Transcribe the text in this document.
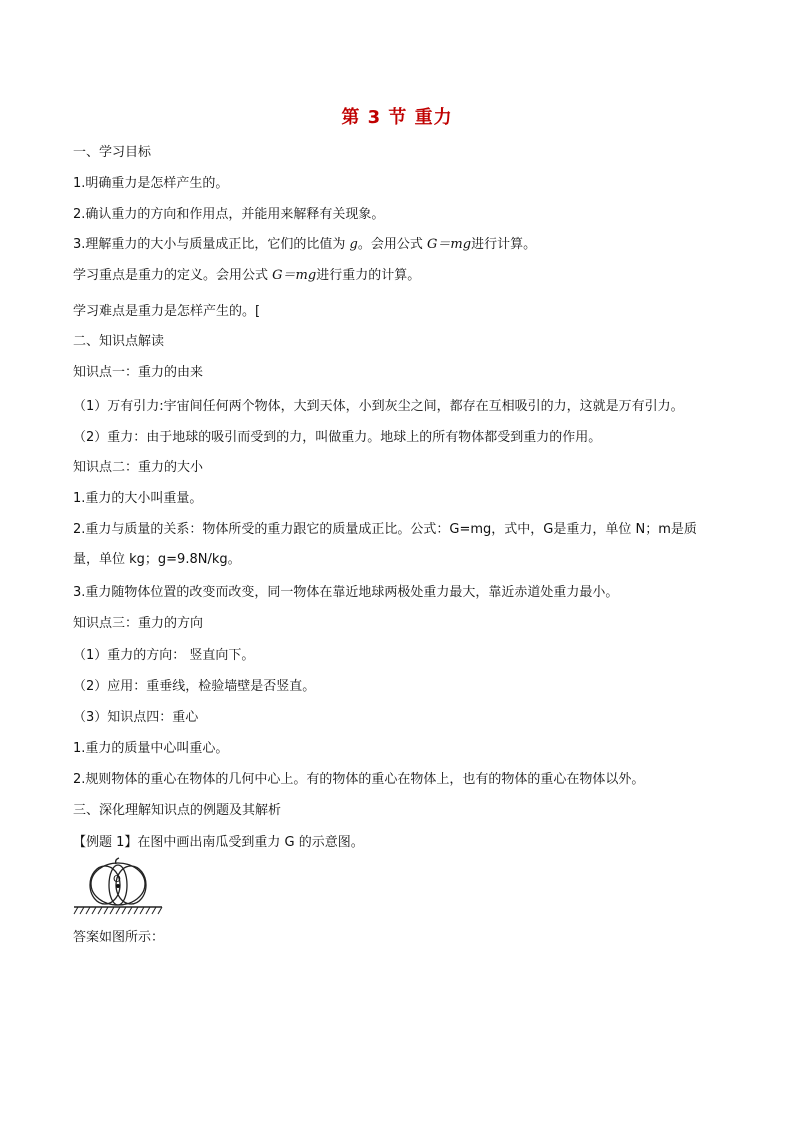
第 3 节 重力
一、学习目标
1.明确重力是怎样产生的。
2.确认重力的方向和作用点，并能用来解释有关现象。
3.理解重力的大小与质量成正比，它们的比值为 g。会用公式 G＝mg进行计算。
学习重点是重力的定义。会用公式 G＝mg进行重力的计算。
学习难点是重力是怎样产生的。[
二、知识点解读
知识点一：重力的由来
（1）万有引力:宇宙间任何两个物体，大到天体，小到灰尘之间，都存在互相吸引的力，这就是万有引力。
（2）重力：由于地球的吸引而受到的力，叫做重力。地球上的所有物体都受到重力的作用。
知识点二：重力的大小
1.重力的大小叫重量。
2.重力与质量的关系：物体所受的重力跟它的质量成正比。公式：G=mg，式中，G是重力，单位 N；m是质
量，单位 kg；g=9.8N/kg。
3.重力随物体位置的改变而改变，同一物体在靠近地球两极处重力最大，靠近赤道处重力最小。
知识点三：重力的方向
（1）重力的方向： 竖直向下。
（2）应用：重垂线，检验墙壁是否竖直。
（3）知识点四：重心
1.重力的质量中心叫重心。
2.规则物体的重心在物体的几何中心上。有的物体的重心在物体上，也有的物体的重心在物体以外。
三、深化理解知识点的例题及其解析
【例题 1】在图中画出南瓜受到重力 G 的示意图。
O
答案如图所示：
